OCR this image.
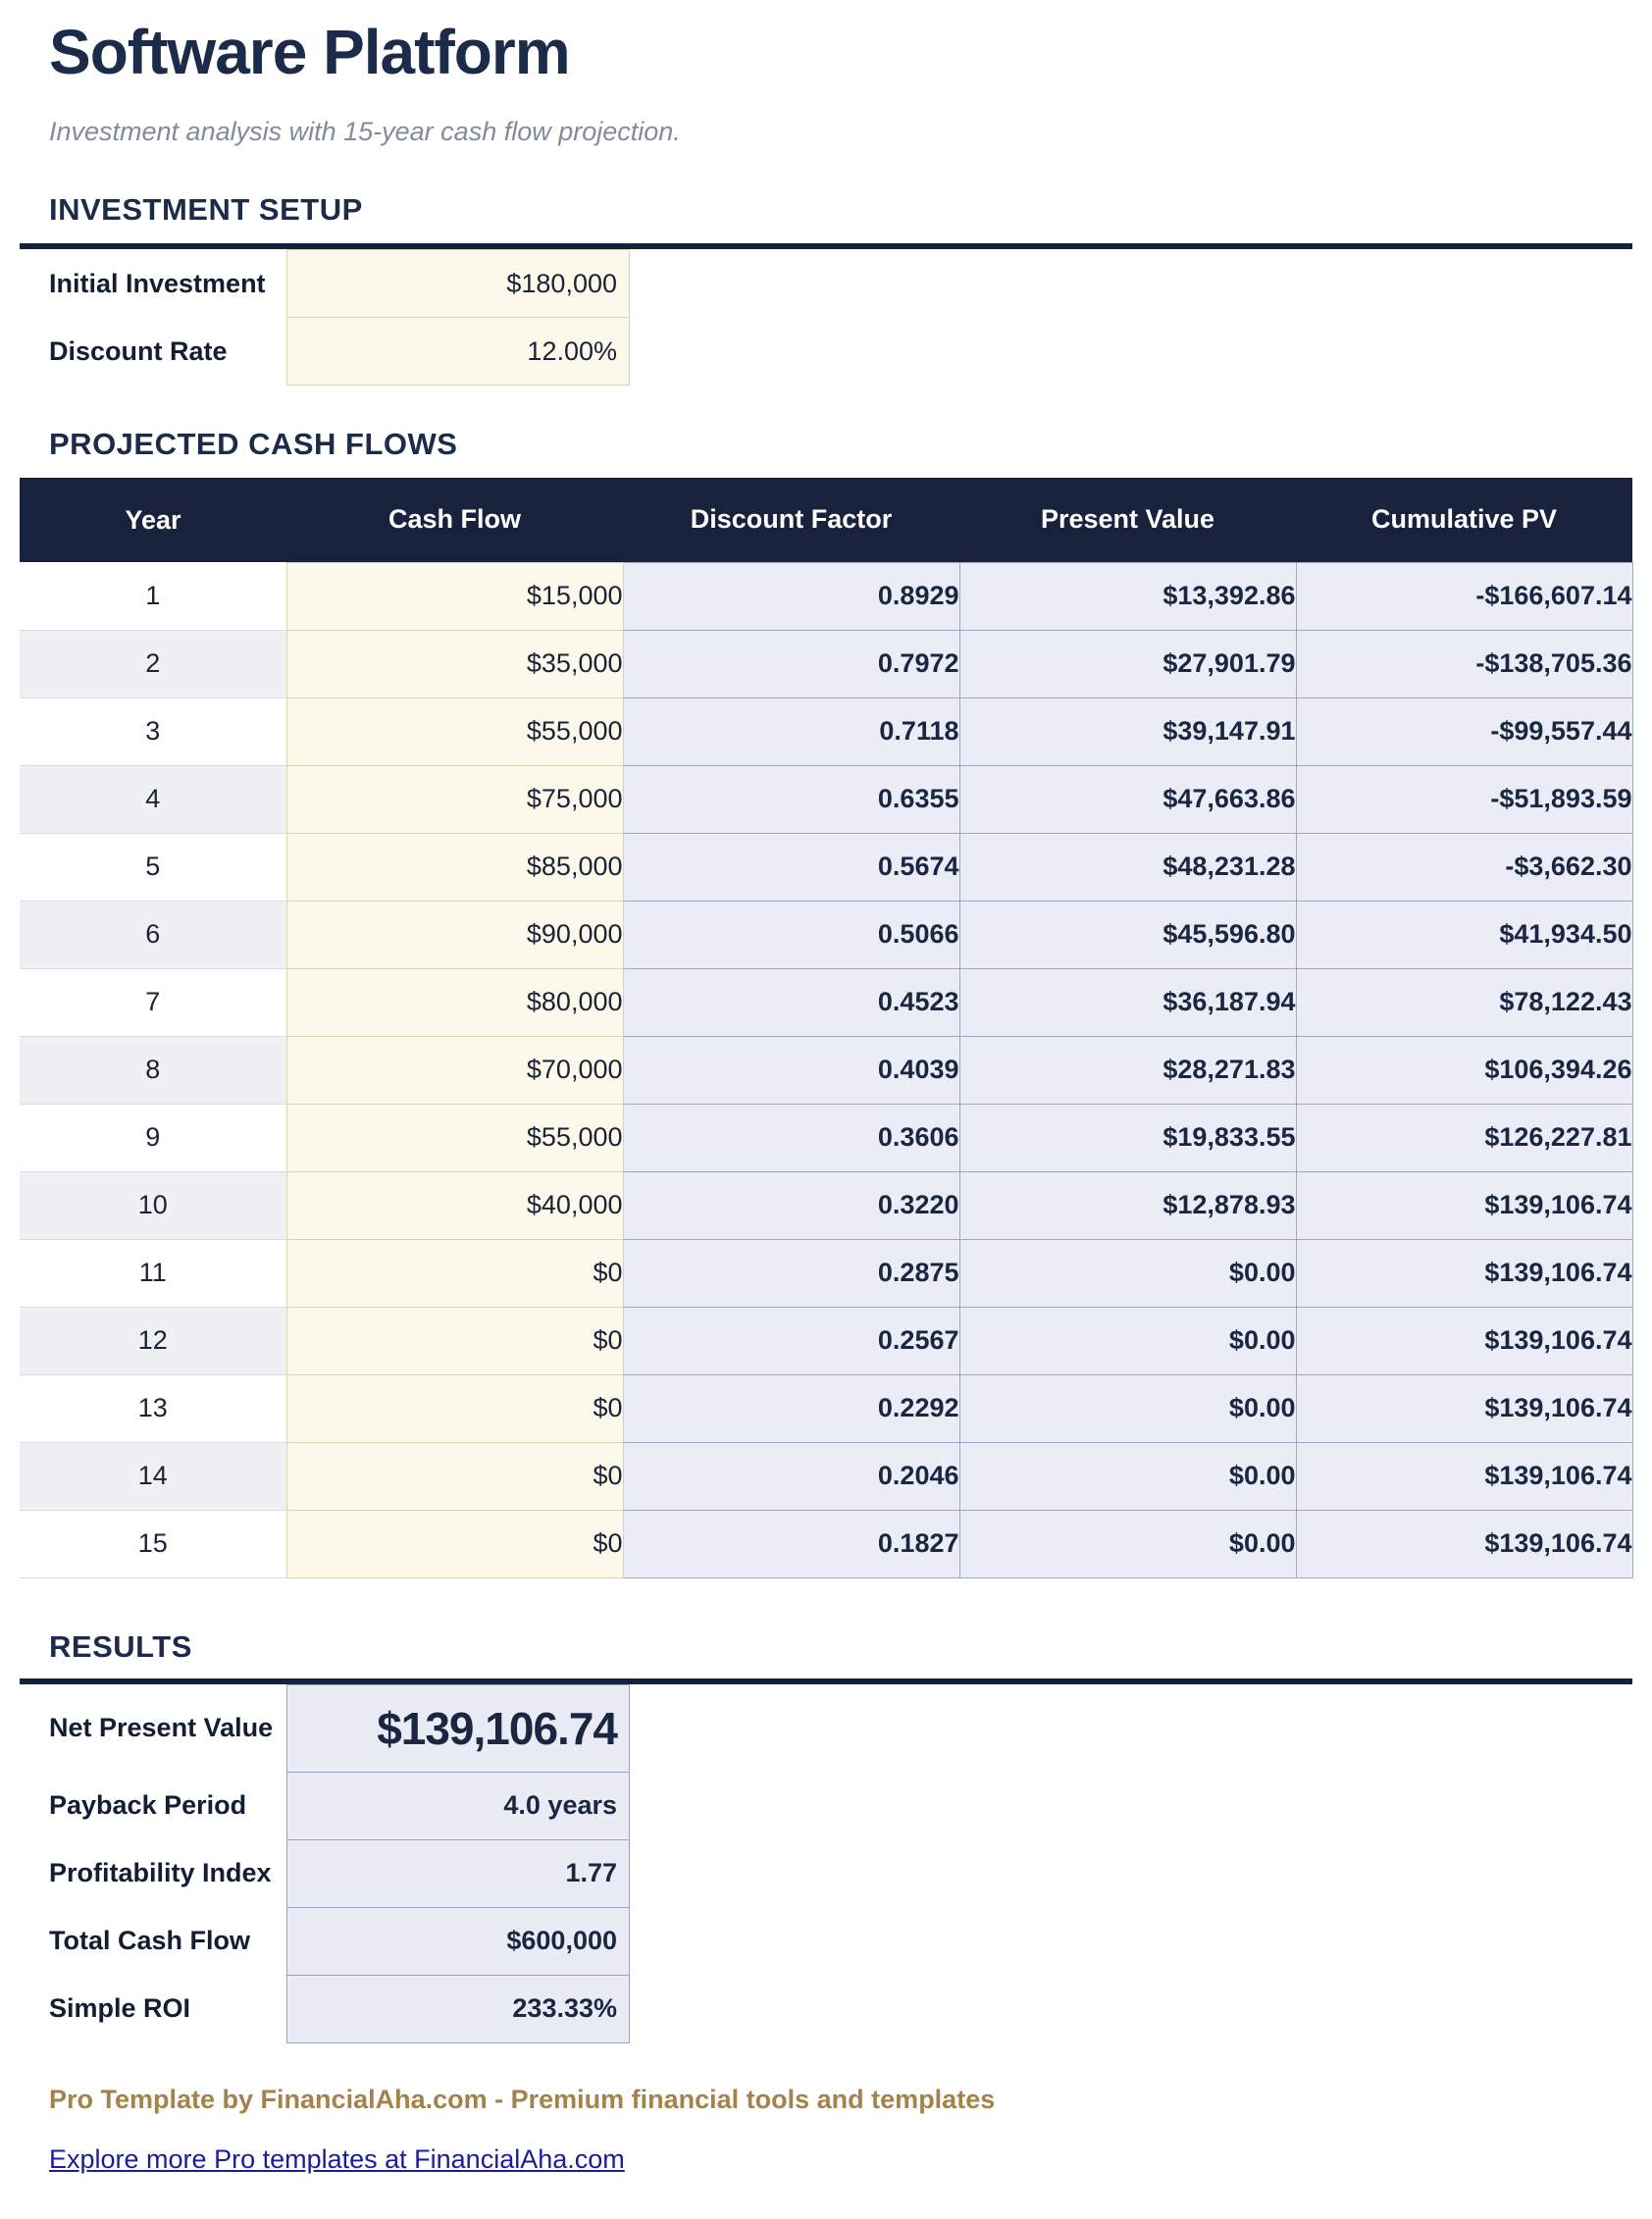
Software Platform

Investment analysis with 15-year cash flow projection.

INVESTMENT SETUP
Initial Investment	$180,000
Discount Rate	12.00%
PROJECTED CASH FLOWS
Year	Cash Flow	Discount Factor	Present Value	Cumulative PV
1	$15,000	0.8929	$13,392.86	-$166,607.14
2	$35,000	0.7972	$27,901.79	-$138,705.36
3	$55,000	0.7118	$39,147.91	-$99,557.44
4	$75,000	0.6355	$47,663.86	-$51,893.59
5	$85,000	0.5674	$48,231.28	-$3,662.30
6	$90,000	0.5066	$45,596.80	$41,934.50
7	$80,000	0.4523	$36,187.94	$78,122.43
8	$70,000	0.4039	$28,271.83	$106,394.26
9	$55,000	0.3606	$19,833.55	$126,227.81
10	$40,000	0.3220	$12,878.93	$139,106.74
11	$0	0.2875	$0.00	$139,106.74
12	$0	0.2567	$0.00	$139,106.74
13	$0	0.2292	$0.00	$139,106.74
14	$0	0.2046	$0.00	$139,106.74
15	$0	0.1827	$0.00	$139,106.74
RESULTS
Net Present Value	$139,106.74
Payback Period	4.0 years
Profitability Index	1.77
Total Cash Flow	$600,000
Simple ROI	233.33%
Pro Template by FinancialAha.com - Premium financial tools and templates
Explore more Pro templates at FinancialAha.com
